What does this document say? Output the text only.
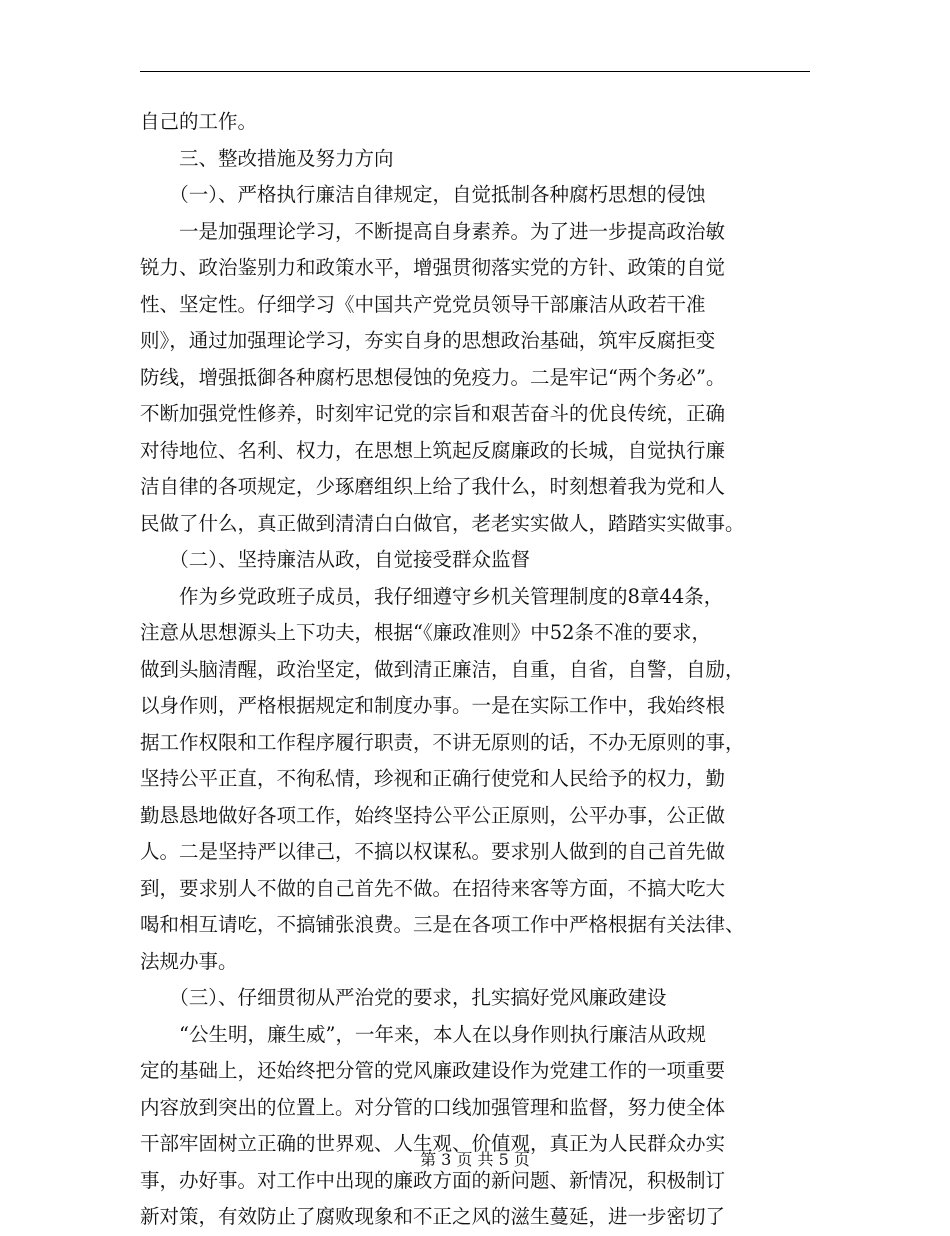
自己的工作。
　　三、整改措施及努力方向
　　（一）、严格执行廉洁自律规定，自觉抵制各种腐朽思想的侵蚀
　　一是加强理论学习，不断提高自身素养。为了进一步提高政治敏
锐力、政治鉴别力和政策水平，增强贯彻落实党的方针、政策的自觉
性、坚定性。仔细学习《中国共产党党员领导干部廉洁从政若干准
则》，通过加强理论学习，夯实自身的思想政治基础，筑牢反腐拒变
防线，增强抵御各种腐朽思想侵蚀的免疫力。二是牢记“两个务必”。
不断加强党性修养，时刻牢记党的宗旨和艰苦奋斗的优良传统，正确
对待地位、名利、权力，在思想上筑起反腐廉政的长城，自觉执行廉
洁自律的各项规定，少琢磨组织上给了我什么，时刻想着我为党和人
民做了什么，真正做到清清白白做官，老老实实做人，踏踏实实做事。
　　（二）、坚持廉洁从政，自觉接受群众监督
　　作为乡党政班子成员，我仔细遵守乡机关管理制度的8章44条，
注意从思想源头上下功夫，根据“《廉政准则》中52条不准的要求，
做到头脑清醒，政治坚定，做到清正廉洁，自重，自省，自警，自励，
以身作则，严格根据规定和制度办事。一是在实际工作中，我始终根
据工作权限和工作程序履行职责，不讲无原则的话，不办无原则的事，
坚持公平正直，不徇私情，珍视和正确行使党和人民给予的权力，勤
勤恳恳地做好各项工作，始终坚持公平公正原则，公平办事，公正做
人。二是坚持严以律己，不搞以权谋私。要求别人做到的自己首先做
到，要求别人不做的自己首先不做。在招待来客等方面，不搞大吃大
喝和相互请吃，不搞铺张浪费。三是在各项工作中严格根据有关法律、
法规办事。
　　（三）、仔细贯彻从严治党的要求，扎实搞好党风廉政建设
　　“公生明，廉生威”，一年来，本人在以身作则执行廉洁从政规
定的基础上，还始终把分管的党风廉政建设作为党建工作的一项重要
内容放到突出的位置上。对分管的口线加强管理和监督，努力使全体
干部牢固树立正确的世界观、人生观、价值观，真正为人民群众办实
事，办好事。对工作中出现的廉政方面的新问题、新情况，积极制订
新对策，有效防止了腐败现象和不正之风的滋生蔓延，进一步密切了
第 3 页 共 5 页
